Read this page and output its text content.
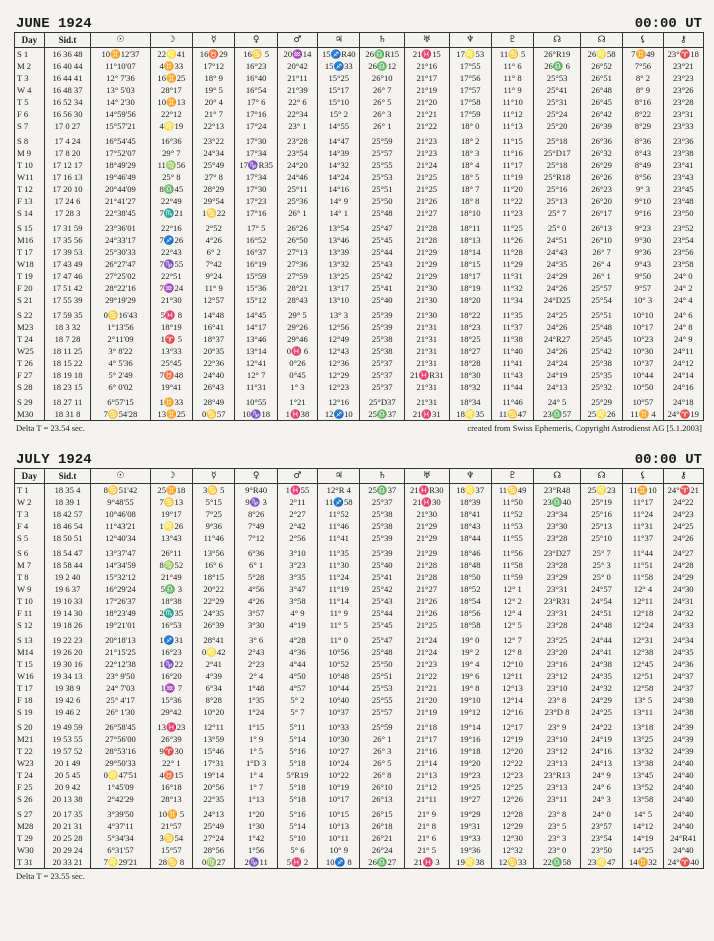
JUNE 1924	00:00 UT
Day	Sid.t	☉	☽	☿	♀	♂	♃	♄	♅	♆	♇	☊	☊	⚸	⚷
S 1	16 36 48	10♊12'37	22♌41	16♉29	16♋ 5	20♒14	15♐R40	26♎R15	21♓15	17♌53	11♋ 5	26°R19	26♌58	7♊49	23°♈18
M 2	16 40 44	11°10'07	4♊33	17°12	16°23	20°42	15♐33	26♎12	21°16	17°55	11° 6	26♎ 6	26°52	7°56	23°21
T 3	16 44 41	12° 7'36	16♊25	18° 9	16°40	21°11	15°25	26°10	21°17	17°56	11° 8	25°53	26°51	8° 2	23°23
W 4	16 48 37	13° 5'03	28°17	19° 5	16°54	21°39	15°17	26° 7	21°19	17°57	11° 9	25°41	26°48	8° 9	23°26
T 5	16 52 34	14° 2'30	10♊13	20° 4	17° 6	22° 6	15°10	26° 5	21°20	17°58	11°10	25°31	26°45	8°16	23°28
F 6	16 56 30	14°59'56	22°12	21° 7	17°16	22°34	15° 2	26° 3	21°21	17°59	11°12	25°24	26°42	8°22	23°31
S 7	17 0 27	15°57'21	4♌19	22°13	17°24	23° 1	14°55	26° 1	21°22	18° 0	11°13	25°20	26°39	8°29	23°33
S 8	17 4 24	16°54'45	16°36	23°22	17°30	23°28	14°47	25°59	21°23	18° 2	11°15	25°18	26°36	8°36	23°36
M 9	17 8 20	17°52'07	29° 7	24°34	17°34	23°54	14°39	25°57	21°23	18° 3	11°16	25°D17	26°32	8°43	23°38
T 10	17 12 17	18°49'29	11♍56	25°49	17♑R35	24°20	14°32	25°55	21°24	18° 4	11°17	25°18	26°29	8°49	23°41
W11	17 16 13	19°46'49	25° 8	27° 8	17°34	24°46	14°24	25°53	21°25	18° 5	11°19	25°R18	26°26	8°56	23°43
T 12	17 20 10	20°44'09	8♎45	28°29	17°30	25°11	14°16	25°51	21°25	18° 7	11°20	25°16	26°23	9° 3	23°45
F 13	17 24 6	21°41'27	22°49	29°54	17°23	25°36	14° 9	25°50	21°26	18° 8	11°22	25°13	26°20	9°10	23°48
S 14	17 28 3	22°38'45	7♏21	1♋22	17°16	26° 1	14° 1	25°48	21°27	18°10	11°23	25° 7	26°17	9°16	23°50
S 15	17 31 59	23°36'01	22°16	2°52	17° 5	26°26	13°54	25°47	21°28	18°11	11°25	25° 0	26°13	9°23	23°52
M16	17 35 56	24°33'17	7♐26	4°26	16°52	26°50	13°46	25°45	21°28	18°13	11°26	24°51	26°10	9°30	23°54
T 17	17 39 53	25°30'33	22°43	6° 2	16°37	27°13	13°39	25°44	21°29	18°14	11°28	24°43	26° 7	9°36	23°56
W18	17 43 49	26°27'47	7♑55	7°42	16°19	27°36	13°32	25°43	21°29	18°15	11°29	24°35	26° 4	9°43	23°58
T 19	17 47 46	27°25'02	22°51	9°24	15°59	27°59	13°25	25°42	21°29	18°17	11°31	24°29	26° 1	9°50	24° 0
F 20	17 51 42	28°22'16	7♒24	11° 9	15°36	28°21	13°17	25°41	21°30	18°19	11°32	24°26	25°57	9°57	24° 2
S 21	17 55 39	29°19'29	21°30	12°57	15°12	28°43	13°10	25°40	21°30	18°20	11°34	24°D25	25°54	10° 3	24° 4
S 22	17 59 35	0♋16'43	5♓ 8	14°48	14°45	29° 5	13° 3	25°39	21°30	18°22	11°35	24°25	25°51	10°10	24° 6
M23	18 3 32	1°13'56	18°19	16°41	14°17	29°26	12°56	25°39	21°31	18°23	11°37	24°26	25°48	10°17	24° 8
T 24	18 7 28	2°11'09	1♈ 5	18°37	13°46	29°46	12°49	25°38	21°31	18°25	11°38	24°R27	25°45	10°23	24° 9
W25	18 11 25	3° 8'22	13°33	20°35	13°14	0♓ 6	12°43	25°38	21°31	18°27	11°40	24°26	25°42	10°30	24°11
T 26	18 15 22	4° 5'36	25°45	22°36	12°41	0°26	12°36	25°37	21°31	18°28	11°41	24°24	25°38	10°37	24°12
F 27	18 19 18	5° 2'49	7♉48	24°40	12° 7	0°45	12°29	25°37	21♓R31	18°30	11°43	24°19	25°35	10°44	24°14
S 28	18 23 15	6° 0'02	19°41	26°43	11°31	1° 3	12°23	25°37	21°31	18°32	11°44	24°13	25°32	10°50	24°16
S 29	18 27 11	6°57'15	1♊33	28°49	10°55	1°21	12°16	25°D37	21°31	18°34	11°46	24° 5	25°29	10°57	24°18
M30	18 31 8	7♋54'28	13♊25	0♋57	10♑18	1♓38	12♐10	25♎37	21♓31	18♌35	11♋47	23♎57	25♌26	11♊ 4	24°♈19
Delta T = 23.54 sec.	created from Swiss Ephemeris, Copyright Astrodienst AG [5.1.2003]
JULY 1924	00:00 UT
Day	Sid.t	☉	☽	☿	♀	♂	♃	♄	♅	♆	♇	☊	☊	⚸	⚷
T 1	18 35 4	8♋51'42	25♊18	3♋ 5	9°R40	1♓55	12°R 4	25♎37	21♓R30	18♌37	11♋49	23°R48	25♌23	11♊10	24°♈21
W 2	18 39 1	9°48'55	7♋13	5°15	9♑ 3	2°11	11♐58	25°37	21♓30	18°39	11°50	23♎40	25°19	11°17	24°22
T 3	18 42 57	10°46'08	19°17	7°25	8°26	2°27	11°52	25°38	21°30	18°41	11°52	23°34	25°16	11°24	24°23
F 4	18 46 54	11°43'21	1♌26	9°36	7°49	2°42	11°46	25°38	21°29	18°43	11°53	23°30	25°13	11°31	24°25
S 5	18 50 51	12°40'34	13°43	11°46	7°12	2°56	11°41	25°39	21°29	18°44	11°55	23°28	25°10	11°37	24°26
S 6	18 54 47	13°37'47	26°11	13°56	6°36	3°10	11°35	25°39	21°29	18°46	11°56	23°D27	25° 7	11°44	24°27
M 7	18 58 44	14°34'59	8♍52	16° 6	6° 1	3°23	11°30	25°40	21°28	18°48	11°58	23°28	25° 3	11°51	24°28
T 8	19 2 40	15°32'12	21°49	18°15	5°28	3°35	11°24	25°41	21°28	18°50	11°59	23°29	25° 0	11°58	24°29
W 9	19 6 37	16°29'24	5♎ 3	20°22	4°56	3°47	11°19	25°42	21°27	18°52	12° 1	23°31	24°57	12° 4	24°30
T 10	19 10 33	17°26'37	18°38	22°29	4°26	3°58	11°14	25°43	21°26	18°54	12° 2	23°R31	24°54	12°11	24°31
F 11	19 14 30	18°23'49	2♏35	24°35	3°57	4° 9	11° 9	25°44	21°26	18°56	12° 4	23°31	24°51	12°18	24°32
S 12	19 18 26	19°21'01	16°53	26°39	3°30	4°19	11° 5	25°45	21°25	18°58	12° 5	23°28	24°48	12°24	24°33
S 13	19 22 23	20°18'13	1♐31	28°41	3° 6	4°28	11° 0	25°47	21°24	19° 0	12° 7	23°25	24°44	12°31	24°34
M14	19 26 20	21°15'25	16°23	0♌42	2°43	4°36	10°56	25°48	21°24	19° 2	12° 8	23°20	24°41	12°38	24°35
T 15	19 30 16	22°12'38	1♑22	2°41	2°23	4°44	10°52	25°50	21°23	19° 4	12°10	23°16	24°38	12°45	24°36
W16	19 34 13	23° 9'50	16°20	4°39	2° 4	4°50	10°48	25°51	21°22	19° 6	12°11	23°12	24°35	12°51	24°37
T 17	19 38 9	24° 7'03	1♒ 7	6°34	1°48	4°57	10°44	25°53	21°21	19° 8	12°13	23°10	24°32	12°58	24°37
F 18	19 42 6	25° 4'17	15°36	8°28	1°35	5° 2	10°40	25°55	21°20	19°10	12°14	23° 8	24°29	13° 5	24°38
S 19	19 46 2	26° 1'30	29°42	10°20	1°24	5° 7	10°37	25°57	21°19	19°12	12°16	23°D 8	24°25	13°11	24°38
S 20	19 49 59	26°58'45	13♓23	12°11	1°15	5°11	10°33	25°59	21°18	19°14	12°17	23° 9	24°22	13°18	24°39
M21	19 53 55	27°56'00	26°39	13°59	1° 9	5°14	10°30	26° 1	21°17	19°16	12°19	23°10	24°19	13°25	24°39
T 22	19 57 52	28°53'16	9♈30	15°46	1° 5	5°16	10°27	26° 3	21°16	19°18	12°20	23°12	24°16	13°32	24°39
W23	20 1 49	29°50'33	22° 1	17°31	1°D 3	5°18	10°24	26° 5	21°14	19°20	12°22	23°13	24°13	13°38	24°40
T 24	20 5 45	0♌47'51	4♉15	19°14	1° 4	5°R19	10°22	26° 8	21°13	19°23	12°23	23°R13	24° 9	13°45	24°40
F 25	20 9 42	1°45'09	16°18	20°56	1° 7	5°18	10°19	26°10	21°12	19°25	12°25	23°13	24° 6	13°52	24°40
S 26	20 13 38	2°42'29	28°13	22°35	1°13	5°18	10°17	26°13	21°11	19°27	12°26	23°11	24° 3	13°58	24°40
S 27	20 17 35	3°39'50	10♊ 5	24°13	1°20	5°16	10°15	26°15	21° 9	19°29	12°28	23° 8	24° 0	14° 5	24°40
M28	20 21 31	4°37'11	21°57	25°49	1°30	5°14	10°13	26°18	21° 8	19°31	12°29	23° 5	23°57	14°12	24°40
T 29	20 25 28	5°34'34	3♋54	27°24	1°42	5°10	10°11	26°21	21° 6	19°33	12°30	23° 3	23°54	14°19	24°R41
W30	20 29 24	6°31'57	15°57	28°56	1°56	5° 6	10° 9	26°24	21° 5	19°36	12°32	23° 0	23°50	14°25	24°40
T 31	20 33 21	7♌29'21	28♋ 8	0♍27	2♑11	5♓ 2	10♐ 8	26♎27	21♓ 3	19♌38	12♋33	22♎58	23♌47	14♊32	24°♈40
Delta T = 23.55 sec.
